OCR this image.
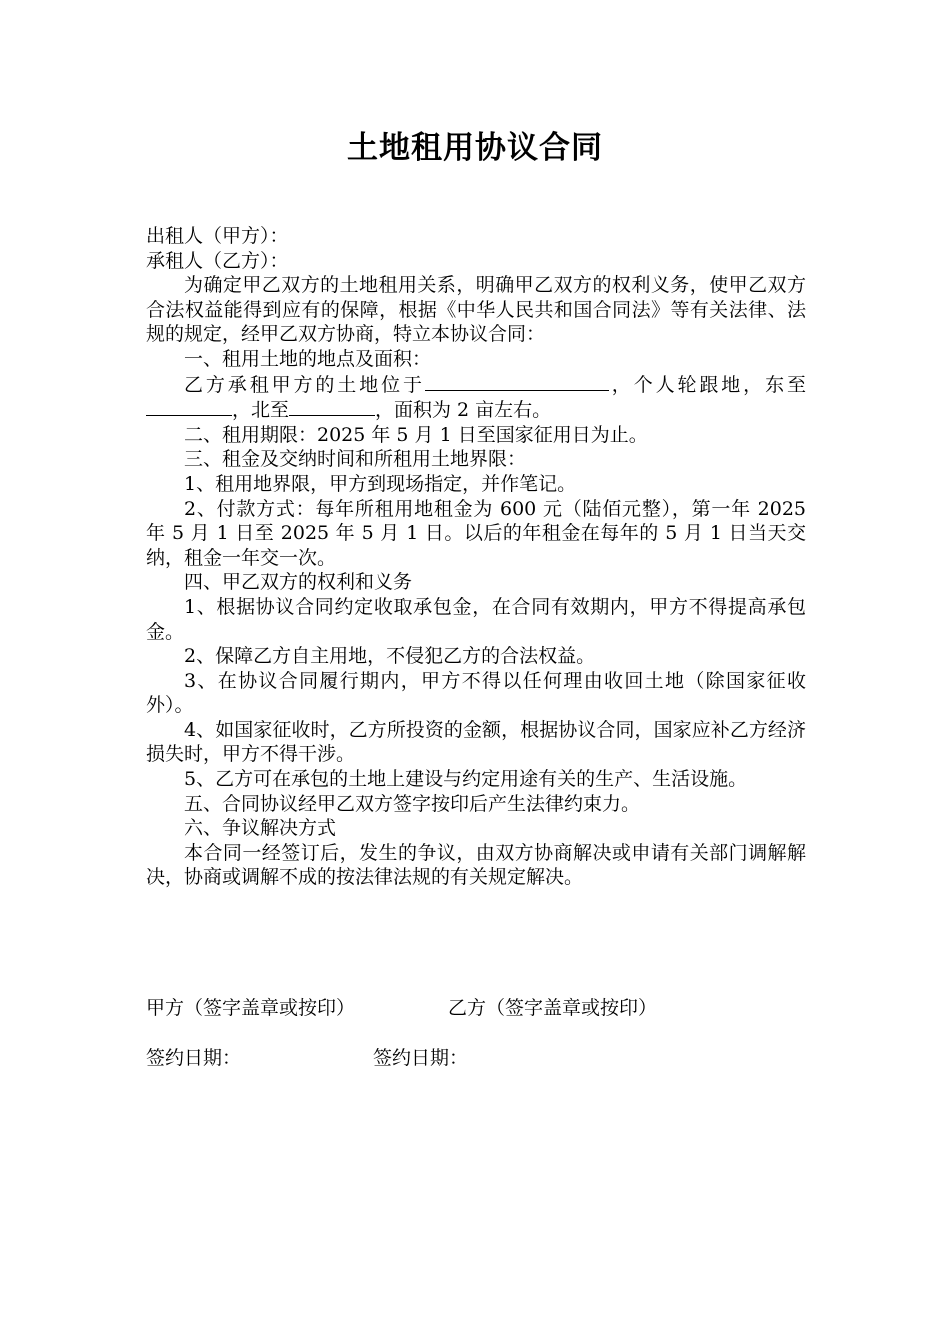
土地租用协议合同

出租人（甲方）：

承租人（乙方）：

为确定甲乙双方的土地租用关系，明确甲乙双方的权利义务，使甲乙双方合法权益能得到应有的保障，根据《中华人民共和国合同法》等有关法律、法规的规定，经甲乙双方协商，特立本协议合同：

一、租用土地的地点及面积：

乙方承租甲方的土地位于	，个人轮跟地，东至，北至	，面积为 2 亩左右。

二、租用期限：2025 年 5 月 1 日至国家征用日为止。

三、租金及交纳时间和所租用土地界限：

1、租用地界限，甲方到现场指定，并作笔记。

2、付款方式：每年所租用地租金为 600 元（陆佰元整），第一年 2025 年 5 月 1 日至 2025 年 5 月 1 日。以后的年租金在每年的 5 月 1 日当天交纳，租金一年交一次。

四、甲乙双方的权利和义务

1、根据协议合同约定收取承包金，在合同有效期内，甲方不得提高承包金。

2、保障乙方自主用地，不侵犯乙方的合法权益。

3、在协议合同履行期内，甲方不得以任何理由收回土地（除国家征收外）。

4、如国家征收时，乙方所投资的金额，根据协议合同，国家应补乙方经济损失时，甲方不得干涉。

5、乙方可在承包的土地上建设与约定用途有关的生产、生活设施。

五、合同协议经甲乙双方签字按印后产生法律约束力。

六、争议解决方式

本合同一经签订后，发生的争议，由双方协商解决或申请有关部门调解解决，协商或调解不成的按法律法规的有关规定解决。

甲方（签字盖章或按印）	乙方（签字盖章或按印）
签约日期：	签约日期：
